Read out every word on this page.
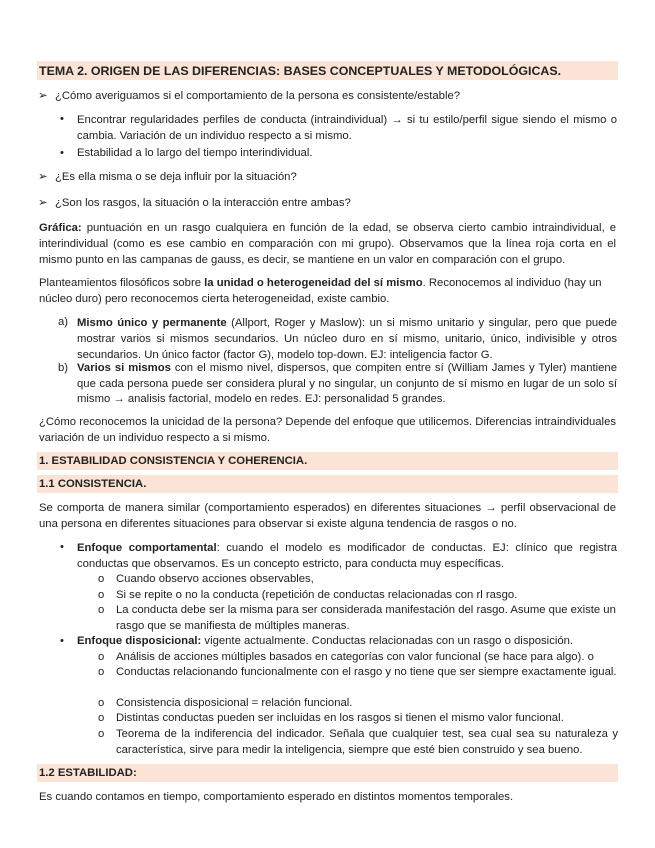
TEMA 2. ORIGEN DE LAS DIFERENCIAS: BASES CONCEPTUALES Y METODOLÓGICAS.
➢ ¿Cómo averiguamos si el comportamiento de la persona es consistente/estable?
• Encontrar regularidades perfiles de conducta (intraindividual) → si tu estilo/perfil sigue siendo el mismo o cambia. Variación de un individuo respecto a si mismo.
• Estabilidad a lo largo del tiempo interindividual.
➢ ¿Es ella misma o se deja influir por la situación?
➢ ¿Son los rasgos, la situación o la interacción entre ambas?
Gráfica: puntuación en un rasgo cualquiera en función de la edad, se observa cierto cambio intraindividual, e interindividual (como es ese cambio en comparación con mi grupo). Observamos que la línea roja corta en el mismo punto en las campanas de gauss, es decir, se mantiene en un valor en comparación con el grupo.
Planteamientos filosóficos sobre la unidad o heterogeneidad del sí mismo. Reconocemos al individuo (hay un núcleo duro) pero reconocemos cierta heterogeneidad, existe cambio.
a) Mismo único y permanente (Allport, Roger y Maslow): un si mismo unitario y singular, pero que puede mostrar varios si mismos secundarios. Un núcleo duro en sí mismo, unitario, único, indivisible y otros secundarios. Un único factor (factor G), modelo top-down. EJ: inteligencia factor G.
b) Varios si mismos con el mismo nivel, dispersos, que compiten entre sí (William James y Tyler) mantiene que cada persona puede ser considera plural y no singular, un conjunto de sí mismo en lugar de un solo sí mismo → analisis factorial, modelo en redes. EJ: personalidad 5 grandes.
¿Cómo reconocemos la unicidad de la persona? Depende del enfoque que utilicemos. Diferencias intraindividuales variación de un individuo respecto a si mismo.
1. ESTABILIDAD CONSISTENCIA Y COHERENCIA.
1.1 CONSISTENCIA.
Se comporta de manera similar (comportamiento esperados) en diferentes situaciones → perfil observacional de una persona en diferentes situaciones para observar si existe alguna tendencia de rasgos o no.
• Enfoque comportamental: cuando el modelo es modificador de conductas. EJ: clínico que registra conductas que observamos. Es un concepto estricto, para conducta muy específicas.
o Cuando observo acciones observables,
o Si se repite o no la conducta (repetición de conductas relacionadas con rl rasgo.
o La conducta debe ser la misma para ser considerada manifestación del rasgo. Asume que existe un rasgo que se manifiesta de múltiples maneras.
• Enfoque disposicional: vigente actualmente. Conductas relacionadas con un rasgo o disposición.
o Análisis de acciones múltiples basados en categorías con valor funcional (se hace para algo). o
o Conductas relacionando funcionalmente con el rasgo y no tiene que ser siempre exactamente igual.
o Consistencia disposicional = relación funcional.
o Distintas conductas pueden ser incluidas en los rasgos si tienen el mismo valor funcional.
o Teorema de la indiferencia del indicador. Señala que cualquier test, sea cual sea su naturaleza y característica, sirve para medir la inteligencia, siempre que esté bien construido y sea bueno.
1.2 ESTABILIDAD:
Es cuando contamos en tiempo, comportamiento esperado en distintos momentos temporales.
